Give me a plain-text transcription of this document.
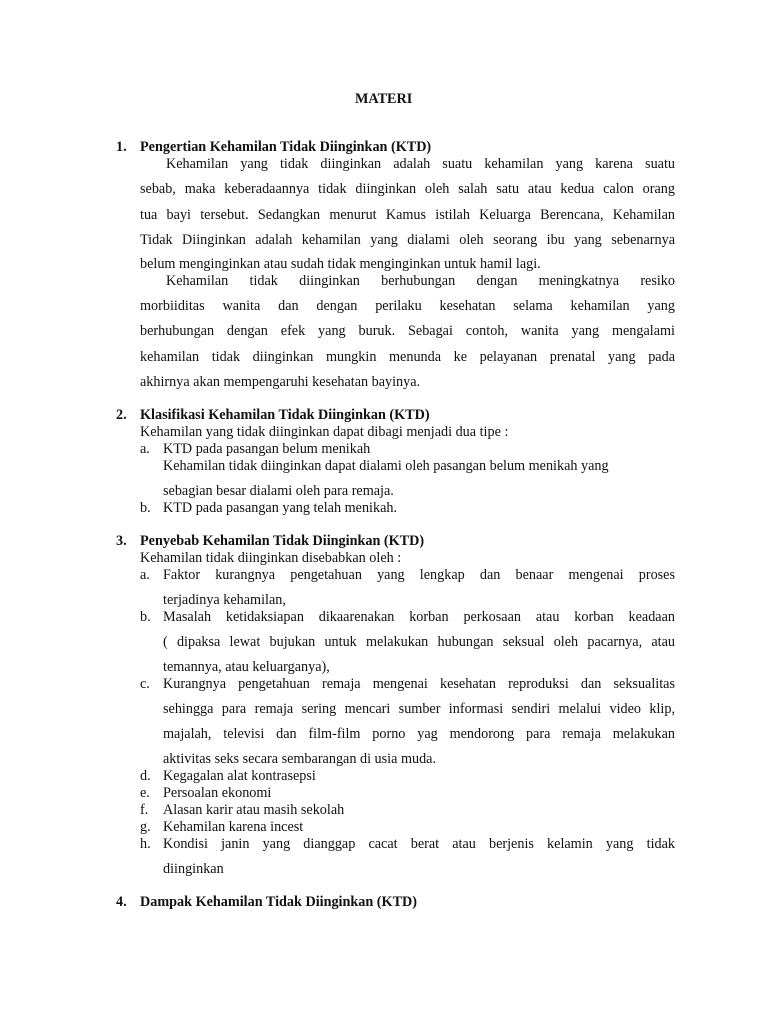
MATERI
1. Pengertian Kehamilan Tidak Diinginkan (KTD)
Kehamilan yang tidak diinginkan adalah suatu kehamilan yang karena suatu
sebab, maka keberadaannya tidak diinginkan oleh salah satu atau kedua calon orang
tua bayi tersebut. Sedangkan menurut Kamus istilah Keluarga Berencana, Kehamilan
Tidak Diinginkan adalah kehamilan yang dialami oleh seorang ibu yang sebenarnya
belum menginginkan atau sudah tidak menginginkan untuk hamil lagi.
Kehamilan tidak diinginkan berhubungan dengan meningkatnya resiko
morbiiditas wanita dan dengan perilaku kesehatan selama kehamilan yang
berhubungan dengan efek yang buruk. Sebagai contoh, wanita yang mengalami
kehamilan tidak diinginkan mungkin menunda ke pelayanan prenatal yang pada
akhirnya akan mempengaruhi kesehatan bayinya.
2. Klasifikasi Kehamilan Tidak Diinginkan (KTD)
Kehamilan yang tidak diinginkan dapat dibagi menjadi dua tipe :
a. KTD pada pasangan belum menikah
Kehamilan tidak diinginkan dapat dialami oleh pasangan belum menikah yang
sebagian besar dialami oleh para remaja.
b. KTD pada pasangan yang telah menikah.
3. Penyebab Kehamilan Tidak Diinginkan (KTD)
Kehamilan tidak diinginkan disebabkan oleh :
a. Faktor kurangnya pengetahuan yang lengkap dan benaar mengenai proses
terjadinya kehamilan,
b. Masalah ketidaksiapan dikaarenakan korban perkosaan atau korban keadaan
( dipaksa lewat bujukan untuk melakukan hubungan seksual oleh pacarnya, atau
temannya, atau keluarganya),
c. Kurangnya pengetahuan remaja mengenai kesehatan reproduksi dan seksualitas
sehingga para remaja sering mencari sumber informasi sendiri melalui video klip,
majalah, televisi dan film-film porno yag mendorong para remaja melakukan
aktivitas seks secara sembarangan di usia muda.
d. Kegagalan alat kontrasepsi
e. Persoalan ekonomi
f. Alasan karir atau masih sekolah
g. Kehamilan karena incest
h. Kondisi janin yang dianggap cacat berat atau berjenis kelamin yang tidak
diinginkan
4. Dampak Kehamilan Tidak Diinginkan (KTD)
